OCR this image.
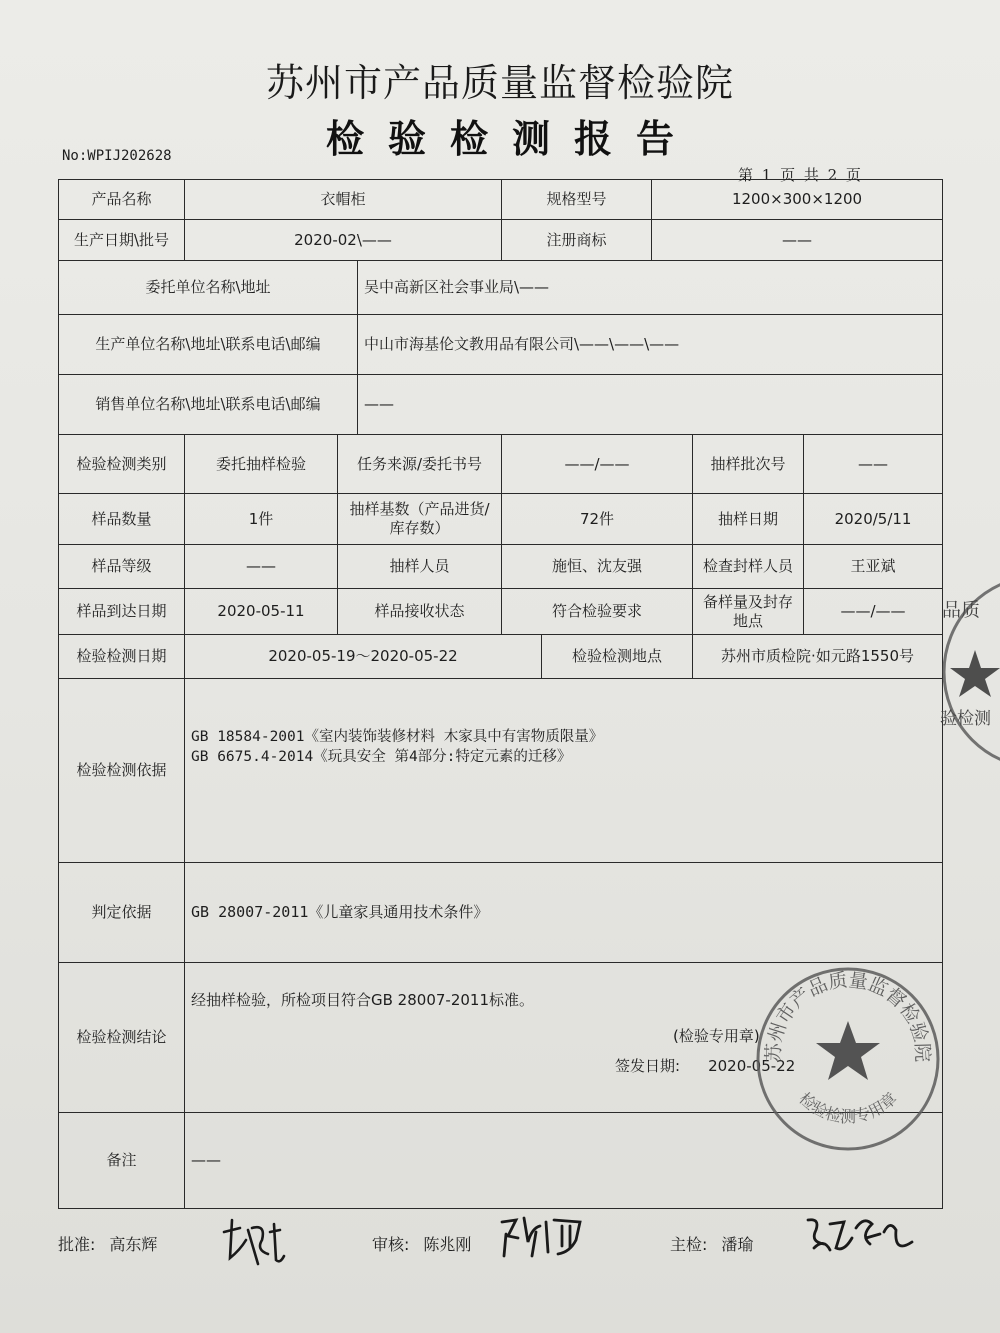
苏州市产品质量监督检验院
检验检测报告
No:WPIJ202628
第 1 页 共 2 页
产品名称	衣帽柜			规格型号		1200×300×1200		
生产日期\批号	2020-02\——			注册商标		——		
委托单位名称\地址			吴中高新区社会事业局\——					
生产单位名称\地址\联系电话\邮编			中山市海基伦文教用品有限公司\——\——\——					
销售单位名称\地址\联系电话\邮编			——					
检验检测类别	委托抽样检验	任务来源/委托书号		——/——			抽样批次号	——
样品数量	1件	抽样基数（产品进货/库存数）		72件			抽样日期	2020/5/11
样品等级	——	抽样人员		施恒、沈友强			检查封样人员	王亚斌
样品到达日期	2020-05-11	样品接收状态		符合检验要求			备样量及封存地点	——/——
检验检测日期	2020-05-19～2020-05-22				检验检测地点		苏州市质检院·如元路1550号	
检验检测依据	GB 18584-2001《室内装饰装修材料 木家具中有害物质限量》
GB 6675.4-2014《玩具安全 第4部分:特定元素的迁移》							

判定依据	GB 28007-2011《儿童家具通用技术条件》							
检验检测结论	经抽样检验，所检项目符合GB 28007-2011标准。
(检验专用章)
签发日期: 2020-05-22							

备注	——							
苏州市产品质量监督检验院
检验检测专用章
品质
验检测
批准: 高东辉	审核: 陈兆刚	主检: 潘瑜
